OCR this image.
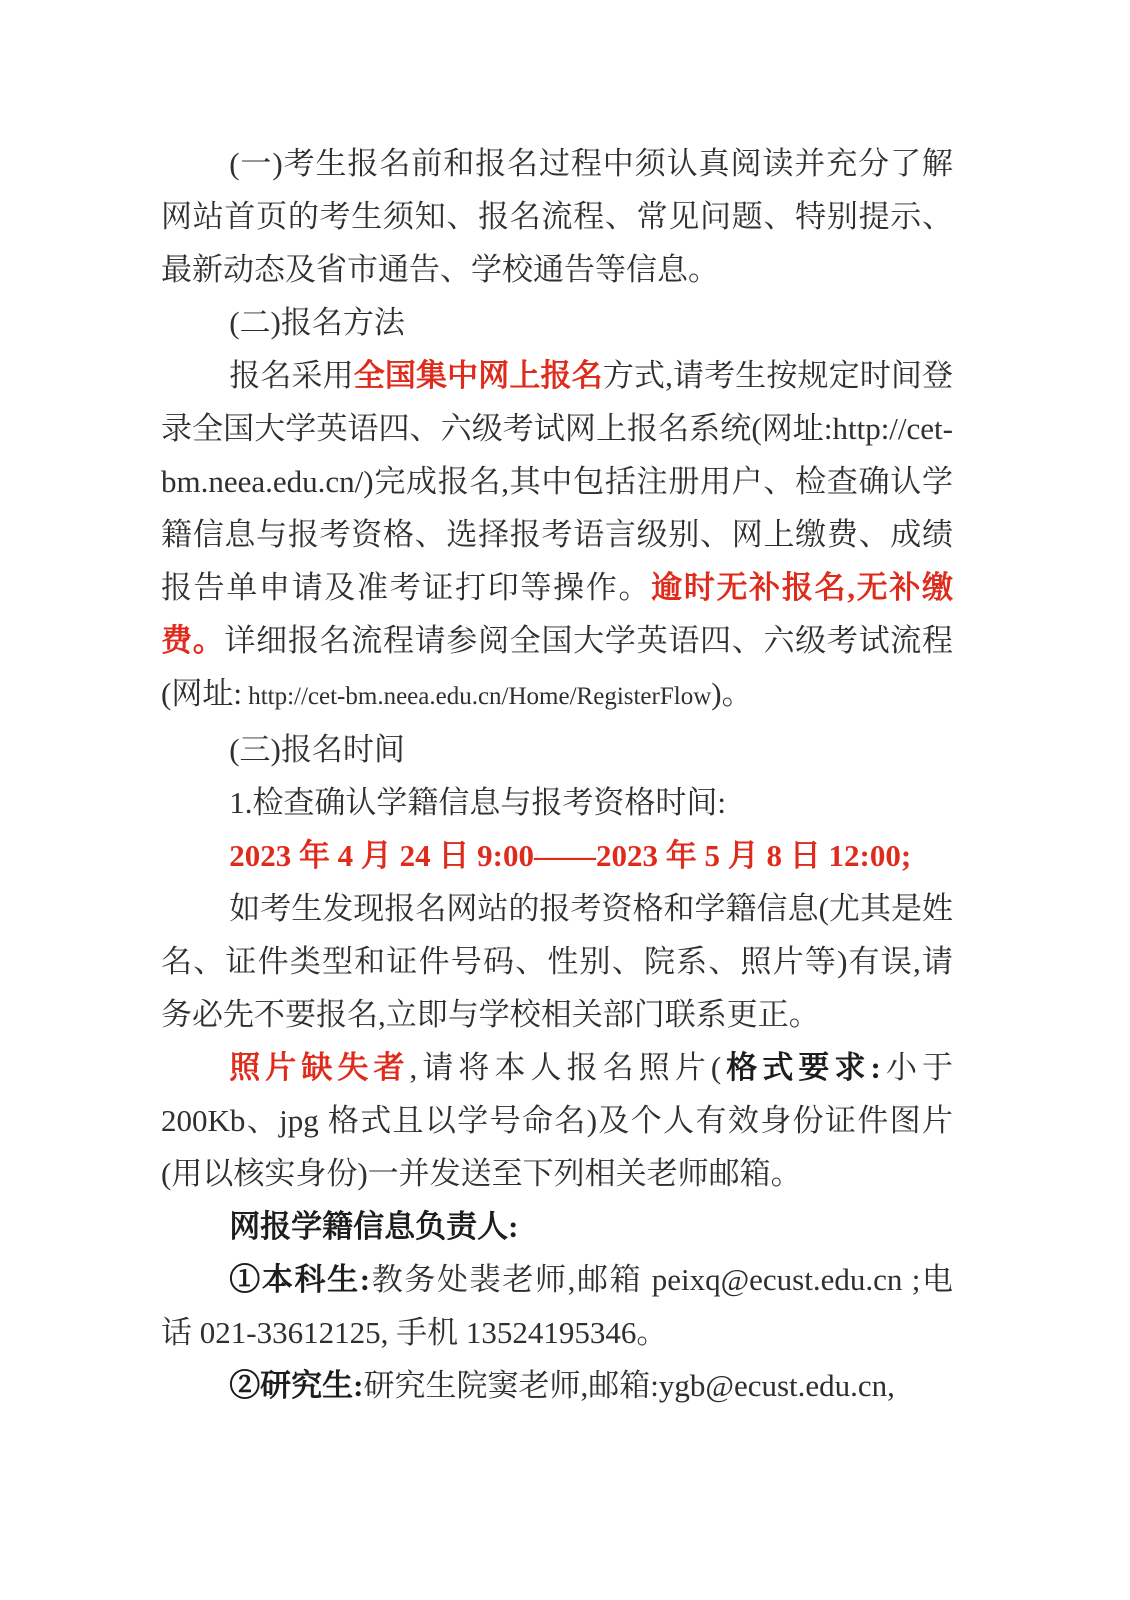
(一)考生报名前和报名过程中须认真阅读并充分了解网站首页的考生须知、报名流程、常见问题、特别提示、最新动态及省市通告、学校通告等信息。

(二)报名方法

报名采用全国集中网上报名方式,请考生按规定时间登录全国大学英语四、六级考试网上报名系统(网址:http://cet-bm.neea.edu.cn/)完成报名,其中包括注册用户、检查确认学籍信息与报考资格、选择报考语言级别、网上缴费、成绩报告单申请及准考证打印等操作。逾时无补报名,无补缴费。详细报名流程请参阅全国大学英语四、六级考试流程(网址: http://cet-bm.neea.edu.cn/Home/RegisterFlow)。

(三)报名时间

1.检查确认学籍信息与报考资格时间:

2023 年 4 月 24 日 9:00——2023 年 5 月 8 日 12:00;

如考生发现报名网站的报考资格和学籍信息(尤其是姓名、证件类型和证件号码、性别、院系、照片等)有误,请务必先不要报名,立即与学校相关部门联系更正。

照片缺失者,请将本人报名照片(格式要求:小于 200Kb、jpg 格式且以学号命名)及个人有效身份证件图片(用以核实身份)一并发送至下列相关老师邮箱。

网报学籍信息负责人:

①本科生:教务处裴老师,邮箱 peixq@ecust.edu.cn ;电话 021-33612125, 手机 13524195346。

②研究生:研究生院窦老师,邮箱:ygb@ecust.edu.cn,
